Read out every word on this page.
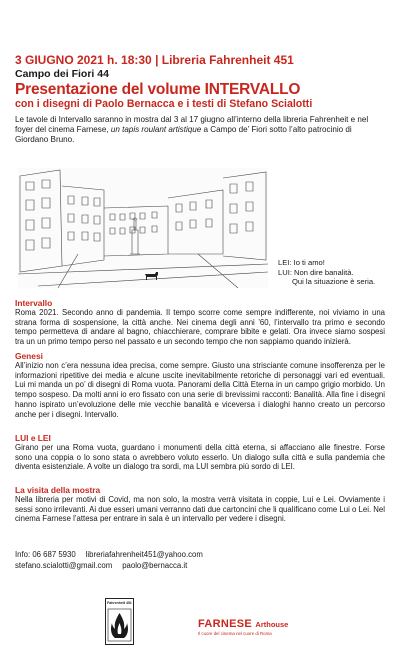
3 GIUGNO 2021 h. 18:30 | Libreria Fahrenheit 451
Campo dei Fiori 44
Presentazione del volume INTERVALLO
con i disegni di Paolo Bernacca e i testi di Stefano Scialotti

Le tavole di Intervallo saranno in mostra dal 3 al 17 giugno all’interno della libreria Fahrenheit e nel foyer del cinema Farnese, un tapis roulant artistique a Campo de’ Fiori sotto l’alto patrocinio di Giordano Bruno.

LEI: Io ti amo!
LUI: Non dire banalità.
Qui la situazione è seria.
Intervallo

Roma 2021. Secondo anno di pandemia. Il tempo scorre come sempre indifferente, noi viviamo in una strana forma di sospensione, la città anche. Nei cinema degli anni ’60, l’intervallo tra primo e secondo tempo permetteva di andare al bagno, chiacchierare, comprare bibite e gelati. Ora invece siamo sospesi tra un un primo tempo perso nel passato e un secondo tempo che non sappiamo quando inizierà.

Genesi

All’inizio non c’era nessuna idea precisa, come sempre. Giusto una strisciante comune insofferenza per le informazioni ripetitive dei media e alcune uscite inevitabilmente retoriche di personaggi vari ed eventuali. Lui mi manda un po’ di disegni di Roma vuota. Panorami della Città Eterna in un campo grigio morbido. Un tempo sospeso. Da molti anni io ero fissato con una serie di brevissimi racconti: Banalità. Alla fine i disegni hanno ispirato un’evoluzione delle mie vecchie banalità e viceversa i dialoghi hanno creato un percorso anche per i disegni. Intervallo.

LUI e LEI

Girano per una Roma vuota, guardano i monumenti della città eterna, si affacciano alle finestre. Forse sono una coppia o lo sono stata o avrebbero voluto esserlo. Un dialogo sulla città e sulla pandemia che diventa esistenziale. A volte un dialogo tra sordi, ma LUI sembra più sordo di LEI.

La visita della mostra

Nella libreria per motivi di Covid, ma non solo, la mostra verrà visitata in coppie, Lui e Lei. Ovviamente i sessi sono irrilevanti. Ai due esseri umani verranno dati due cartoncini che li qualificano come Lui o Lei. Nel cinema Farnese l’attesa per entrare in sala è un intervallo per vedere i disegni.

Info: 06 687 5930 libreriafahrenheit451@yahoo.com
stefano.scialotti@gmail.com paolo@bernacca.it
Fahrenheit 451
FARNESE Arthouse
Il cuore del cinema nel cuore di Roma
